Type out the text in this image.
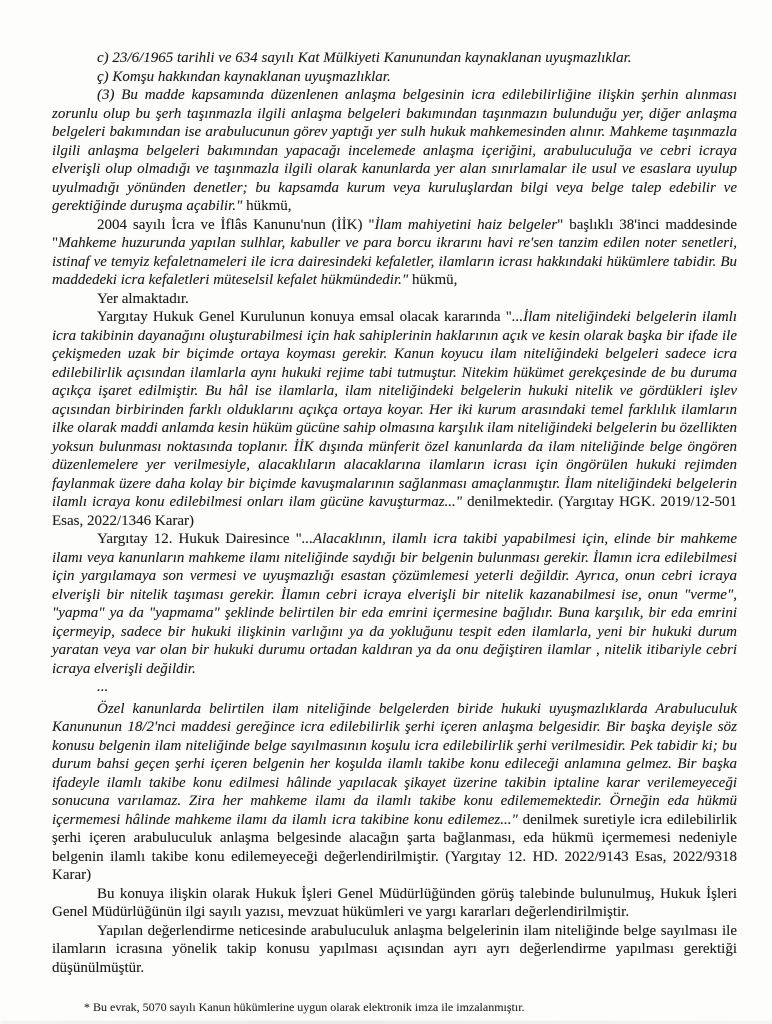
c) 23/6/1965 tarihli ve 634 sayılı Kat Mülkiyeti Kanunundan kaynaklanan uyuşmazlıklar.

ç) Komşu hakkından kaynaklanan uyuşmazlıklar.

(3) Bu madde kapsamında düzenlenen anlaşma belgesinin icra edilebilirliğine ilişkin şerhin alınması zorunlu olup bu şerh taşınmazla ilgili anlaşma belgeleri bakımından taşınmazın bulunduğu yer, diğer anlaşma belgeleri bakımından ise arabulucunun görev yaptığı yer sulh hukuk mahkemesinden alınır. Mahkeme taşınmazla ilgili anlaşma belgeleri bakımından yapacağı incelemede anlaşma içeriğini, arabuluculuğa ve cebri icraya elverişli olup olmadığı ve taşınmazla ilgili olarak kanunlarda yer alan sınırlamalar ile usul ve esaslara uyulup uyulmadığı yönünden denetler; bu kapsamda kurum veya kuruluşlardan bilgi veya belge talep edebilir ve gerektiğinde duruşma açabilir." hükmü,

2004 sayılı İcra ve İflâs Kanunu'nun (İİK) "İlam mahiyetini haiz belgeler" başlıklı 38'inci maddesinde "Mahkeme huzurunda yapılan sulhlar, kabuller ve para borcu ikrarını havi re'sen tanzim edilen noter senetleri, istinaf ve temyiz kefaletnameleri ile icra dairesindeki kefaletler, ilamların icrası hakkındaki hükümlere tabidir. Bu maddedeki icra kefaletleri müteselsil kefalet hükmündedir." hükmü,

Yer almaktadır.

Yargıtay Hukuk Genel Kurulunun konuya emsal olacak kararında "...İlam niteliğindeki belgelerin ilamlı icra takibinin dayanağını oluşturabilmesi için hak sahiplerinin haklarının açık ve kesin olarak başka bir ifade ile çekişmeden uzak bir biçimde ortaya koyması gerekir. Kanun koyucu ilam niteliğindeki belgeleri sadece icra edilebilirlik açısından ilamlarla aynı hukuki rejime tabi tutmuştur. Nitekim hükümet gerekçesinde de bu duruma açıkça işaret edilmiştir. Bu hâl ise ilamlarla, ilam niteliğindeki belgelerin hukuki nitelik ve gördükleri işlev açısından birbirinden farklı olduklarını açıkça ortaya koyar. Her iki kurum arasındaki temel farklılık ilamların ilke olarak maddi anlamda kesin hüküm gücüne sahip olmasına karşılık ilam niteliğindeki belgelerin bu özellikten yoksun bulunması noktasında toplanır. İİK dışında münferit özel kanunlarda da ilam niteliğinde belge öngören düzenlemelere yer verilmesiyle, alacaklıların alacaklarına ilamların icrası için öngörülen hukuki rejimden faylanmak üzere daha kolay bir biçimde kavuşmalarının sağlanması amaçlanmıştır. İlam niteliğindeki belgelerin ilamlı icraya konu edilebilmesi onları ilam gücüne kavuşturmaz..." denilmektedir. (Yargıtay HGK. 2019/12-501 Esas, 2022/1346 Karar)

Yargıtay 12. Hukuk Dairesince "...Alacaklının, ilamlı icra takibi yapabilmesi için, elinde bir mahkeme ilamı veya kanunların mahkeme ilamı niteliğinde saydığı bir belgenin bulunması gerekir. İlamın icra edilebilmesi için yargılamaya son vermesi ve uyuşmazlığı esastan çözümlemesi yeterli değildir. Ayrıca, onun cebri icraya elverişli bir nitelik taşıması gerekir. İlamın cebri icraya elverişli bir nitelik kazanabilmesi ise, onun "verme", "yapma" ya da "yapmama" şeklinde belirtilen bir eda emrini içermesine bağlıdır. Buna karşılık, bir eda emrini içermeyip, sadece bir hukuki ilişkinin varlığını ya da yokluğunu tespit eden ilamlarla, yeni bir hukuki durum yaratan veya var olan bir hukuki durumu ortadan kaldıran ya da onu değiştiren ilamlar , nitelik itibariyle cebri icraya elverişli değildir.

...

Özel kanunlarda belirtilen ilam niteliğinde belgelerden biride hukuki uyuşmazlıklarda Arabuluculuk Kanununun 18/2'nci maddesi gereğince icra edilebilirlik şerhi içeren anlaşma belgesidir. Bir başka deyişle söz konusu belgenin ilam niteliğinde belge sayılmasının koşulu icra edilebilirlik şerhi verilmesidir. Pek tabidir ki; bu durum bahsi geçen şerhi içeren belgenin her koşulda ilamlı takibe konu edileceği anlamına gelmez. Bir başka ifadeyle ilamlı takibe konu edilmesi hâlinde yapılacak şikayet üzerine takibin iptaline karar verilemeyeceği sonucuna varılamaz. Zira her mahkeme ilamı da ilamlı takibe konu edilememektedir. Örneğin eda hükmü içermemesi hâlinde mahkeme ilamı da ilamlı icra takibine konu edilemez..." denilmek suretiyle icra edilebilirlik şerhi içeren arabuluculuk anlaşma belgesinde alacağın şarta bağlanması, eda hükmü içermemesi nedeniyle belgenin ilamlı takibe konu edilemeyeceği değerlendirilmiştir. (Yargıtay 12. HD. 2022/9143 Esas, 2022/9318 Karar)

Bu konuya ilişkin olarak Hukuk İşleri Genel Müdürlüğünden görüş talebinde bulunulmuş, Hukuk İşleri Genel Müdürlüğünün ilgi sayılı yazısı, mevzuat hükümleri ve yargı kararları değerlendirilmiştir.

Yapılan değerlendirme neticesinde arabuluculuk anlaşma belgelerinin ilam niteliğinde belge sayılması ile ilamların icrasına yönelik takip konusu yapılması açısından ayrı ayrı değerlendirme yapılması gerektiği düşünülmüştür.

* Bu evrak, 5070 sayılı Kanun hükümlerine uygun olarak elektronik imza ile imzalanmıştır.
